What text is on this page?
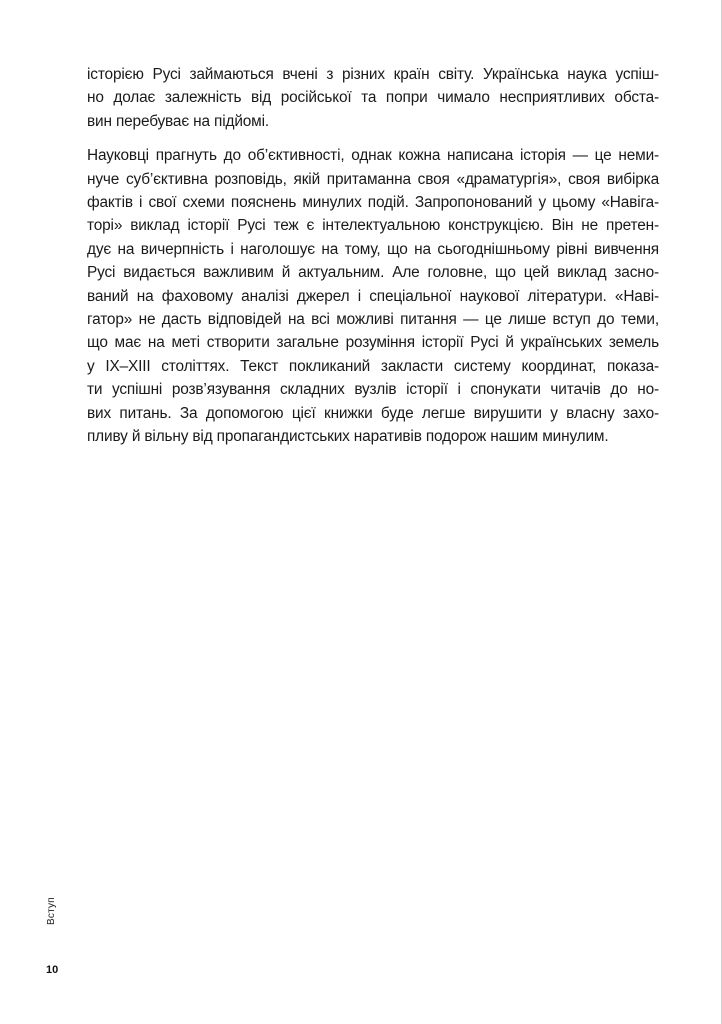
історією Русі займаються вчені з різних країн світу. Українська наука успіш-
но долає залежність від російської та попри чимало несприятливих обста-
вин перебуває на підйомі.

Науковці прагнуть до об’єктивності, однак кожна написана історія — це неми-
нуче суб’єктивна розповідь, якій притаманна своя «драматургія», своя вибірка
фактів і свої схеми пояснень минулих подій. Запропонований у цьому «Навіга-
торі» виклад історії Русі теж є інтелектуальною конструкцією. Він не претен-
дує на вичерпність і наголошує на тому, що на сьогоднішньому рівні вивчення
Русі видається важливим й актуальним. Але головне, що цей виклад засно-
ваний на фаховому аналізі джерел і спеціальної наукової літератури. «Наві-
гатор» не дасть відповідей на всі можливі питання — це лише вступ до теми,
що має на меті створити загальне розуміння історії Русі й українських земель
у IX–XIII століттях. Текст покликаний закласти систему координат, показа-
ти успішні розв’язування складних вузлів історії і спонукати читачів до но-
вих питань. За допомогою цієї книжки буде легше вирушити у власну захо-
пливу й вільну від пропагандистських наративів подорож нашим минулим.

Вступ
10
